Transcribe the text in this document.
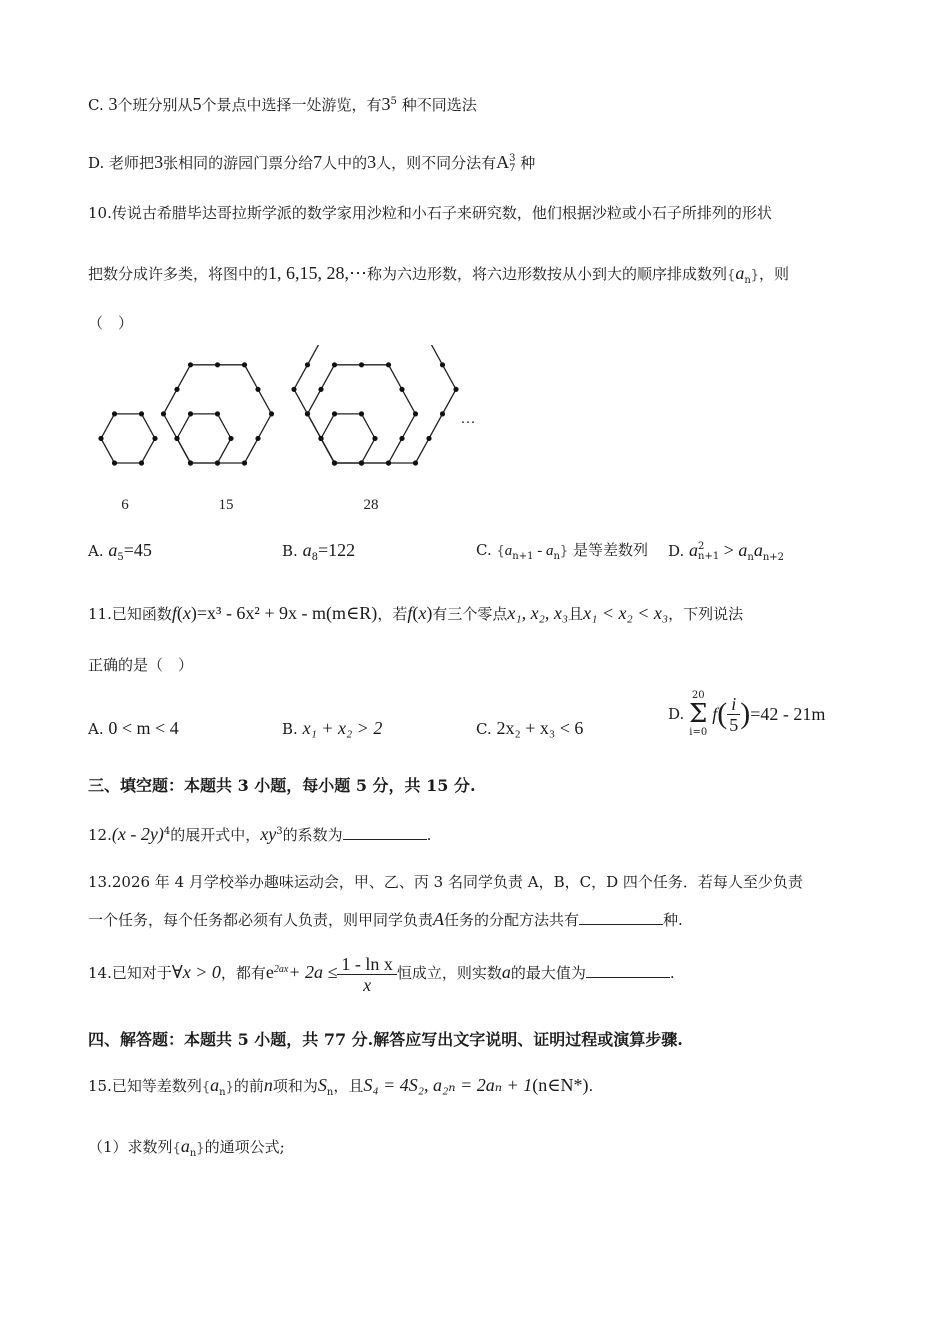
C. 3个班分别从5个景点中选择一处游览，有$3^5$ 种不同选法
D. 老师把3张相同的游园门票分给7人中的3人，则不同分法有A 3
7 种
10.传说古希腊毕达哥拉斯学派的数学家用沙粒和小石子来研究数，他们根据沙粒或小石子所排列的形状
把数分成许多类，将图中的1, 6,15, 28,⋯称为六边形数，将六边形数按从小到大的顺序排成数列$\{a_n\}$，则
（　）
6	15	28
···
A. $a_5=45$	B. $a_8=122$	C. $\{a_{n+1} - a_n\}$ 是等差数列 D. a 2
$n+1 > a_na_{n+2}$
11.已知函数f(x)=x³ - 6x² + 9x - m(m∈R)，若f(x)有三个零点x₁, x₂, x₃且x₁ < x₂ < x₃，下列说法
正确的是（　）
A. 0 < m < 4	B. x₁ + x₂ > 2	C. 2x₂ + x₃ < 6
D.
20
Σ
i=0
$f( \frac{i}{5} )=42 - 21m$
三、填空题：本题共 3 小题，每小题 5 分，共 15 分.
12.(x - 2y)$^4$的展开式中，$xy^3$的系数为	.
13.2026 年 4 月学校举办趣味运动会，甲、乙、丙 3 名同学负责 A，B，C，D 四个任务．若每人至少负责
一个任务，每个任务都必须有人负责，则甲同学负责A任务的分配方法共有	种.
14.已知对于∀x > 0，都有$e^{2ax}+ 2a \le \frac{\text{1 - ln x}}{x}$ 恒成立，则实数a的最大值为	.
四、解答题：本题共 5 小题，共 77 分.解答应写出文字说明、证明过程或演算步骤.
15.已知等差数列$\{a_n\}$的前n项和为$S_n$，且S₄ = 4S₂, a₂ₙ = 2aₙ + 1(n∈N*).
（1）求数列$\{a_n\}$的通项公式;
